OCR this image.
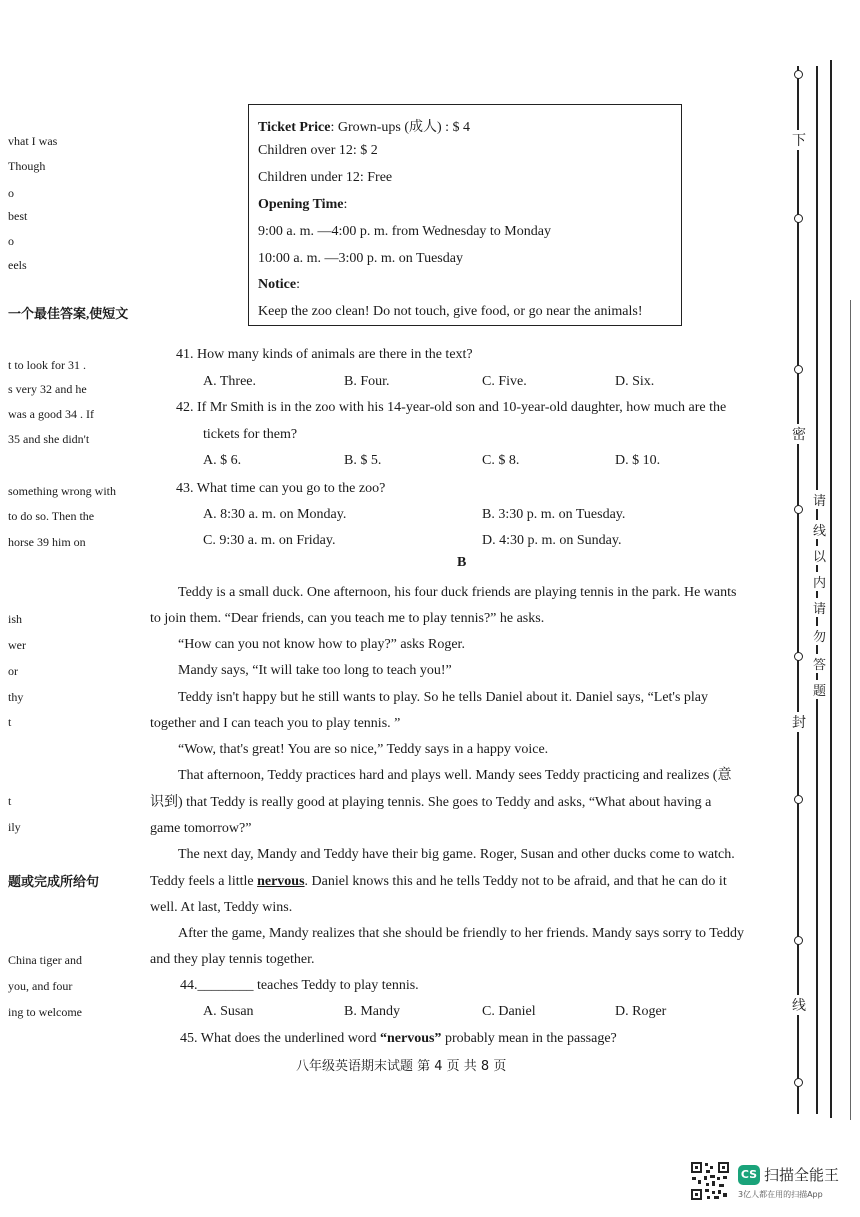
vhat I was
Though
o
best
o
eels
一个最佳答案,使短文
t to look for 31 .
s very 32 and he
was a good 34 . If
35 and she didn't
something wrong with
to do so. Then the
horse 39 him on
ish
wer
or
thy
t
t
ily
题或完成所给句
China tiger and
you, and four
ing to welcome
Ticket Price: Grown-ups (成人) : $ 4
Children over 12: $ 2
Children under 12: Free
Opening Time:
9:00 a. m. —4:00 p. m. from Wednesday to Monday
10:00 a. m. —3:00 p. m. on Tuesday
Notice:
Keep the zoo clean! Do not touch, give food, or go near the animals!
41. How many kinds of animals are there in the text?
A. Three.	B. Four.	C. Five.	D. Six.
42. If Mr Smith is in the zoo with his 14-year-old son and 10-year-old daughter, how much are the
tickets for them?
A. $ 6.	B. $ 5.	C. $ 8.	D. $ 10.
43. What time can you go to the zoo?
A. 8:30 a. m. on Monday.	B. 3:30 p. m. on Tuesday.
C. 9:30 a. m. on Friday.	D. 4:30 p. m. on Sunday.
B
Teddy is a small duck. One afternoon, his four duck friends are playing tennis in the park. He wants
to join them. “Dear friends, can you teach me to play tennis?” he asks.
“How can you not know how to play?” asks Roger.
Mandy says, “It will take too long to teach you!”
Teddy isn't happy but he still wants to play. So he tells Daniel about it. Daniel says, “Let's play
together and I can teach you to play tennis. ”
“Wow, that's great! You are so nice,” Teddy says in a happy voice.
That afternoon, Teddy practices hard and plays well. Mandy sees Teddy practicing and realizes (意
识到) that Teddy is really good at playing tennis. She goes to Teddy and asks, “What about having a
game tomorrow?”
The next day, Mandy and Teddy have their big game. Roger, Susan and other ducks come to watch.
Teddy feels a little nervous. Daniel knows this and he tells Teddy not to be afraid, and that he can do it
well. At last, Teddy wins.
After the game, Mandy realizes that she should be friendly to her friends. Mandy says sorry to Teddy
and they play tennis together.
44.________ teaches Teddy to play tennis.
A. Susan	B. Mandy	C. Daniel	D. Roger
45. What does the underlined word “nervous” probably mean in the passage?
八年级英语期末试题 第 4 页 共 8 页
下
密
封
线
请
线
以
内
请
勿
答
题
CS 扫描全能王
3亿人都在用的扫描App
